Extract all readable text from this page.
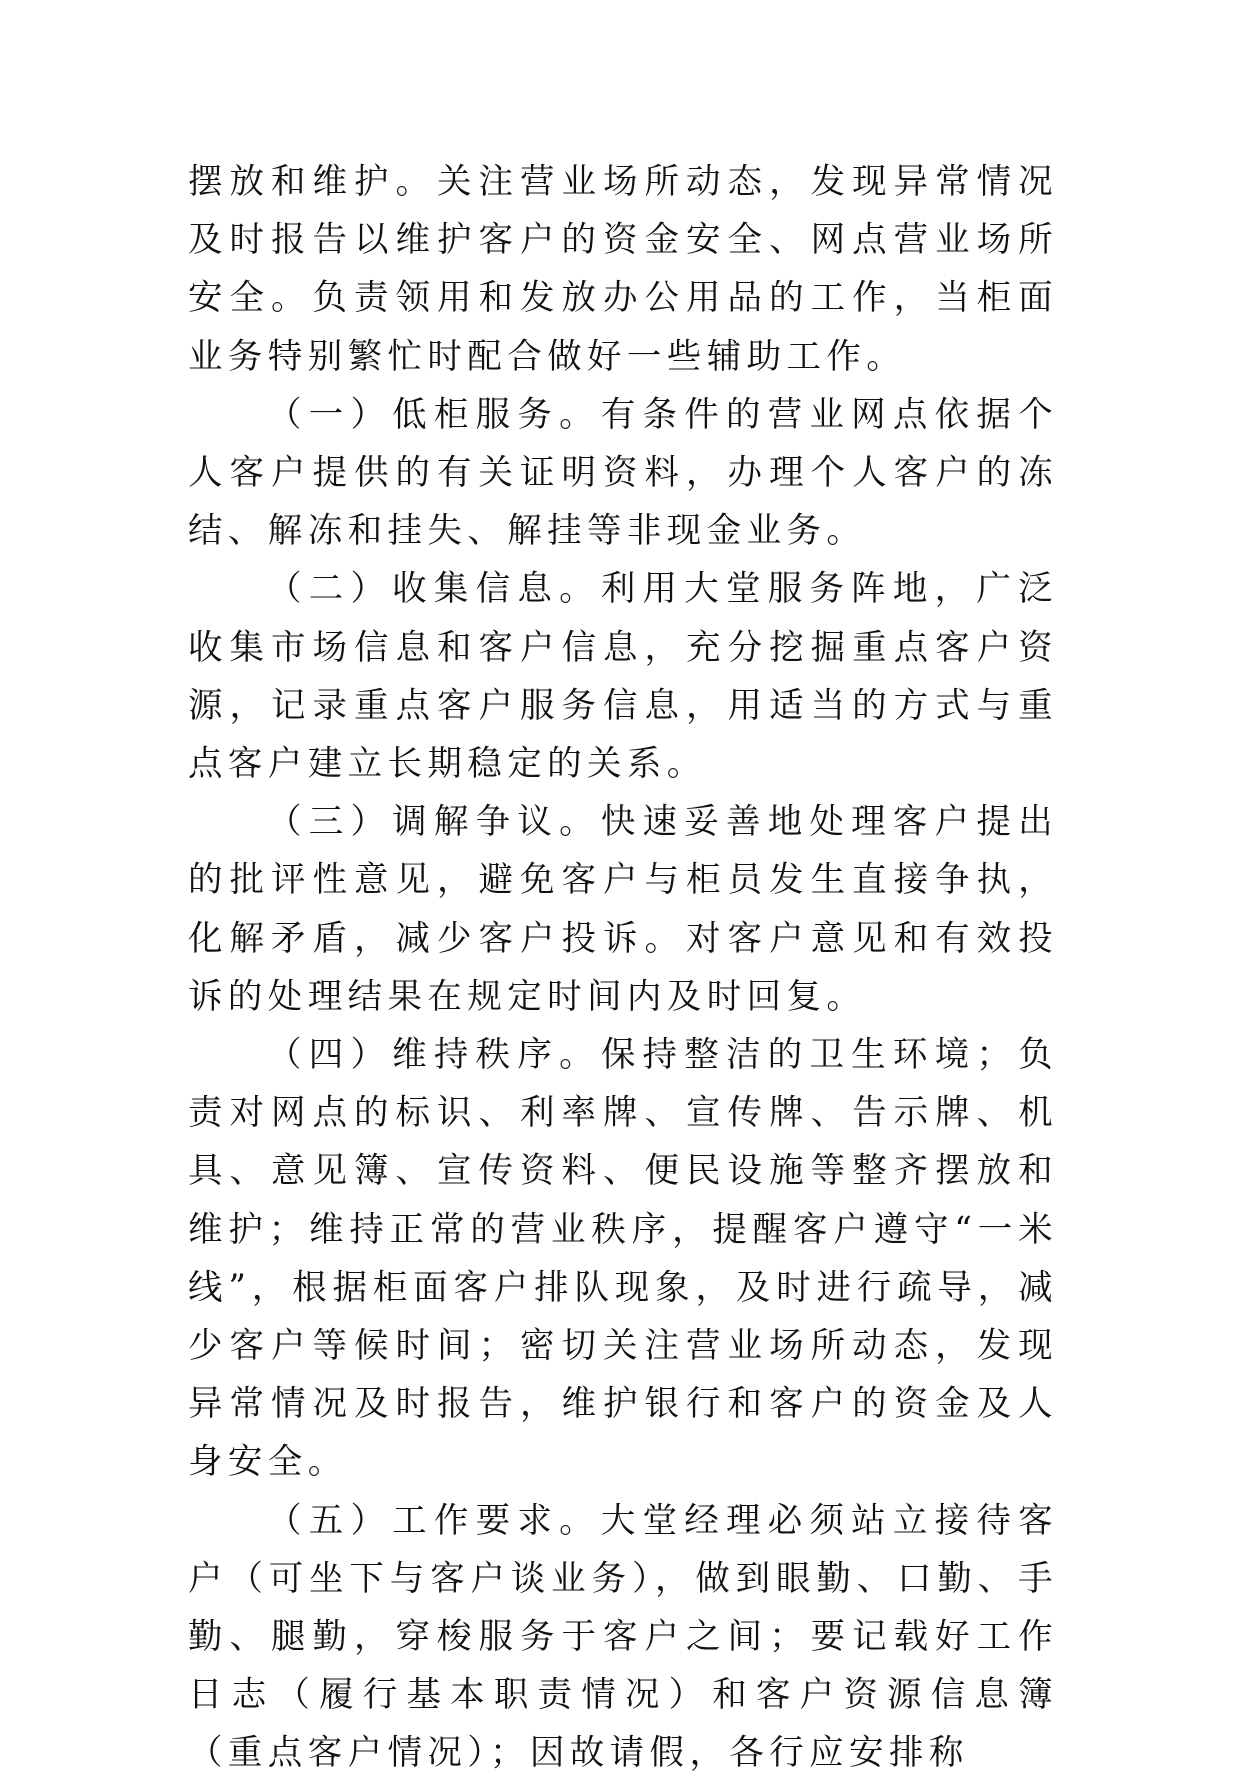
摆放和维护。关注营业场所动态，发现异常情况及时报告以维护客户的资金安全、网点营业场所安全。负责领用和发放办公用品的工作，当柜面业务特别繁忙时配合做好一些辅助工作。

（一）低柜服务。有条件的营业网点依据个人客户提供的有关证明资料，办理个人客户的冻结、解冻和挂失、解挂等非现金业务。

（二）收集信息。利用大堂服务阵地，广泛收集市场信息和客户信息，充分挖掘重点客户资源，记录重点客户服务信息，用适当的方式与重点客户建立长期稳定的关系。

（三）调解争议。快速妥善地处理客户提出的批评性意见，避免客户与柜员发生直接争执，化解矛盾，减少客户投诉。对客户意见和有效投诉的处理结果在规定时间内及时回复。

（四）维持秩序。保持整洁的卫生环境；负责对网点的标识、利率牌、宣传牌、告示牌、机具、意见簿、宣传资料、便民设施等整齐摆放和维护；维持正常的营业秩序，提醒客户遵守“一米线”，根据柜面客户排队现象，及时进行疏导，减少客户等候时间；密切关注营业场所动态，发现异常情况及时报告，维护银行和客户的资金及人身安全。

（五）工作要求。大堂经理必须站立接待客户（可坐下与客户谈业务），做到眼勤、口勤、手勤、腿勤，穿梭服务于客户之间；要记载好工作日志（履行基本职责情况）和客户资源信息簿（重点客户情况）；因故请假，各行应安排称
